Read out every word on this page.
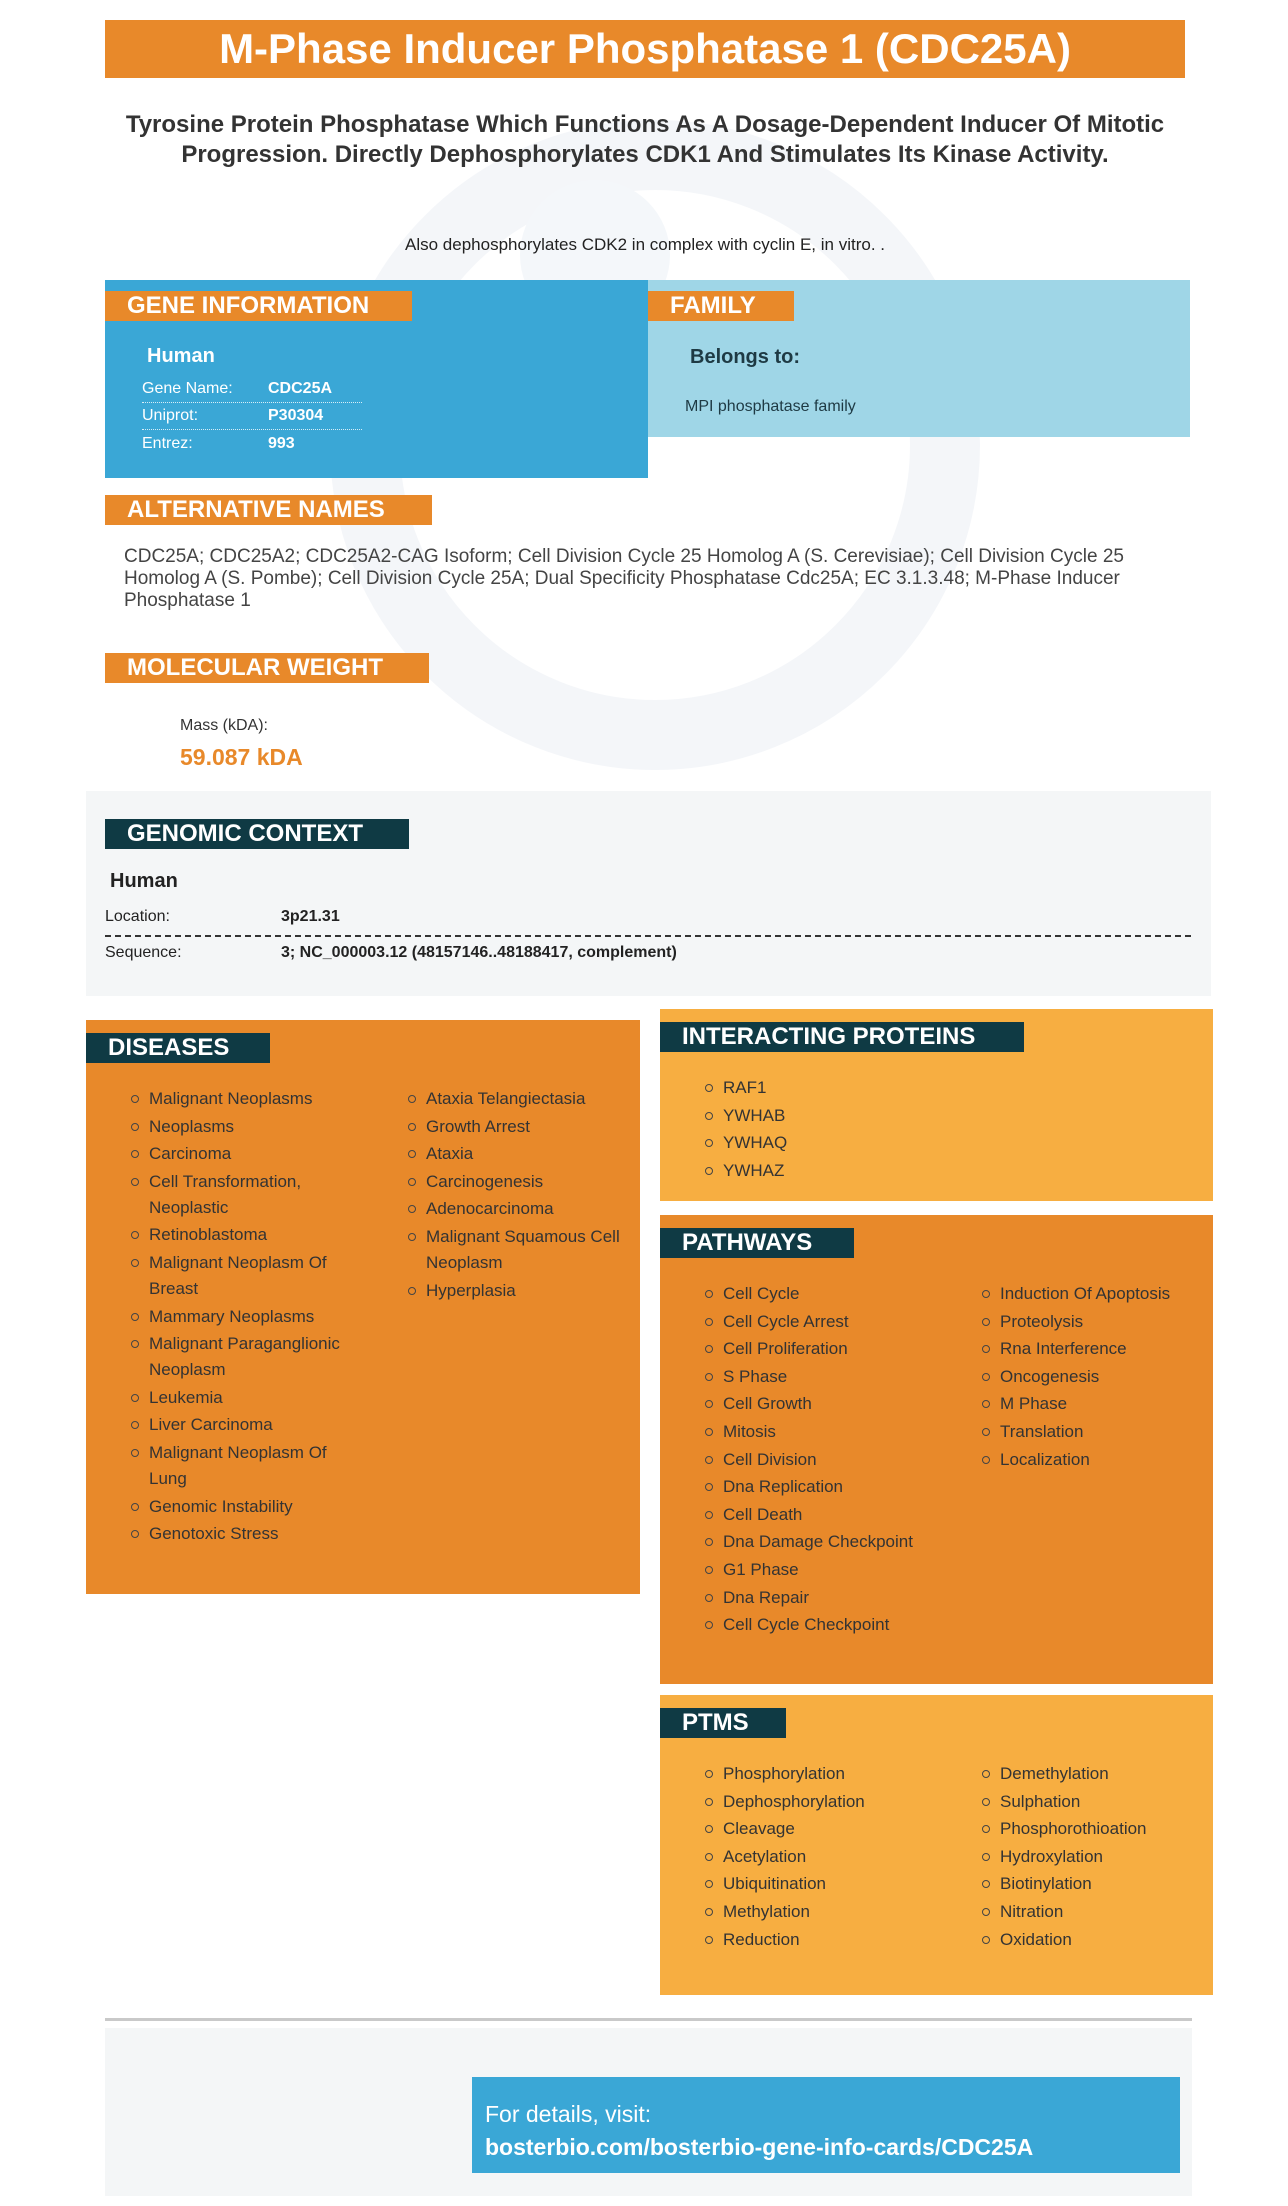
M-Phase Inducer Phosphatase 1 (CDC25A)
Tyrosine Protein Phosphatase Which Functions As A Dosage-Dependent Inducer Of Mitotic Progression. Directly Dephosphorylates CDK1 And Stimulates Its Kinase Activity.
Also dephosphorylates CDK2 in complex with cyclin E, in vitro. .
GENE INFORMATION
Human
Gene Name:	CDC25A
Uniprot:	P30304
Entrez:	993
FAMILY
Belongs to:
MPI phosphatase family
ALTERNATIVE NAMES
CDC25A; CDC25A2; CDC25A2-CAG Isoform; Cell Division Cycle 25 Homolog A (S. Cerevisiae); Cell Division Cycle 25 Homolog A (S. Pombe); Cell Division Cycle 25A; Dual Specificity Phosphatase Cdc25A; EC 3.1.3.48; M-Phase Inducer Phosphatase 1
MOLECULAR WEIGHT
Mass (kDA):
59.087 kDA
GENOMIC CONTEXT
Human
Location:	3p21.31
Sequence:	3; NC_000003.12 (48157146..48188417, complement)
DISEASES
Malignant Neoplasms
Neoplasms
Carcinoma
Cell Transformation, Neoplastic
Retinoblastoma
Malignant Neoplasm Of Breast
Mammary Neoplasms
Malignant Paraganglionic Neoplasm
Leukemia
Liver Carcinoma
Malignant Neoplasm Of Lung
Genomic Instability
Genotoxic Stress
Ataxia Telangiectasia
Growth Arrest
Ataxia
Carcinogenesis
Adenocarcinoma
Malignant Squamous Cell Neoplasm
Hyperplasia
INTERACTING PROTEINS
RAF1
YWHAB
YWHAQ
YWHAZ
PATHWAYS
Cell Cycle
Cell Cycle Arrest
Cell Proliferation
S Phase
Cell Growth
Mitosis
Cell Division
Dna Replication
Cell Death
Dna Damage Checkpoint
G1 Phase
Dna Repair
Cell Cycle Checkpoint
Induction Of Apoptosis
Proteolysis
Rna Interference
Oncogenesis
M Phase
Translation
Localization
PTMS
Phosphorylation
Dephosphorylation
Cleavage
Acetylation
Ubiquitination
Methylation
Reduction
Demethylation
Sulphation
Phosphorothioation
Hydroxylation
Biotinylation
Nitration
Oxidation
For details, visit:
bosterbio.com/bosterbio-gene-info-cards/CDC25A
